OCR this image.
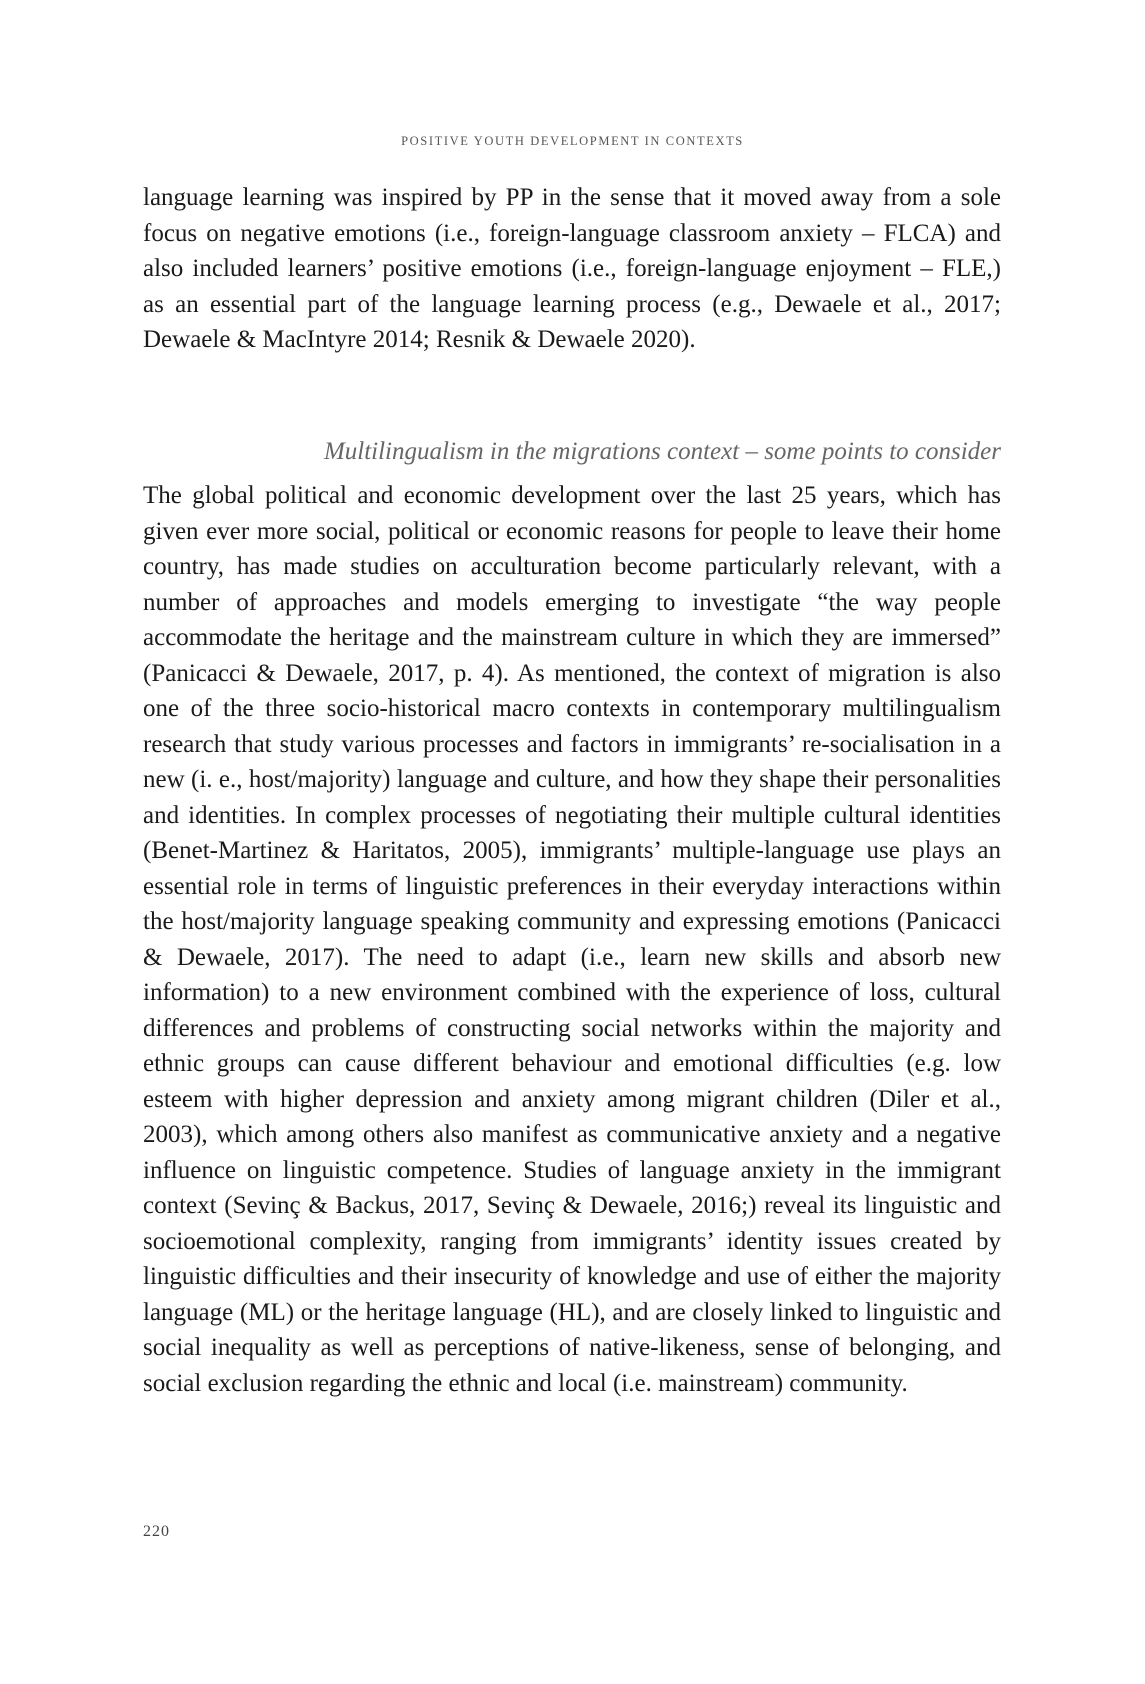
POSITIVE YOUTH DEVELOPMENT IN CONTEXTS

language learning was inspired by PP in the sense that it moved away from a sole focus on negative emotions (i.e., foreign-language classroom anxiety – FLCA) and also included learners’ positive emotions (i.e., foreign-language enjoyment – FLE,) as an essential part of the language learning process (e.g., Dewaele et al., 2017; Dewaele & MacIntyre 2014; Resnik & Dewaele 2020).

Multilingualism in the migrations context – some points to consider

The global political and economic development over the last 25 years, which has given ever more social, political or economic reasons for people to leave their home country, has made studies on acculturation become particularly relevant, with a number of approaches and models emerging to investigate “the way people accommodate the heritage and the mainstream culture in which they are immersed” (Panicacci & Dewaele, 2017, p. 4). As mentioned, the context of migration is also one of the three socio-historical macro contexts in contemporary multilingualism research that study various processes and factors in immigrants’ re-socialisation in a new (i. e., host/majority) language and culture, and how they shape their personalities and identities. In complex processes of negotiating their multiple cultural identities (Benet-Martinez & Haritatos, 2005), immigrants’ multiple-language use plays an essential role in terms of linguistic preferences in their everyday interactions within the host/majority language speaking community and expressing emotions (Panicacci & Dewaele, 2017). The need to adapt (i.e., learn new skills and absorb new information) to a new environment combined with the experience of loss, cultural differences and problems of constructing social networks within the majority and ethnic groups can cause different behaviour and emotional difficulties (e.g. low esteem with higher depression and anxiety among migrant children (Diler et al., 2003), which among others also manifest as communicative anxiety and a negative influence on linguistic competence. Studies of language anxiety in the immigrant context (Sevinç & Backus, 2017, Sevinç & Dewaele, 2016;) reveal its linguistic and socioemotional complexity, ranging from immigrants’ identity issues created by linguistic difficulties and their insecurity of knowledge and use of either the majority language (ML) or the heritage language (HL), and are closely linked to linguistic and social inequality as well as perceptions of native-likeness, sense of belonging, and social exclusion regarding the ethnic and local (i.e. mainstream) community.

220
